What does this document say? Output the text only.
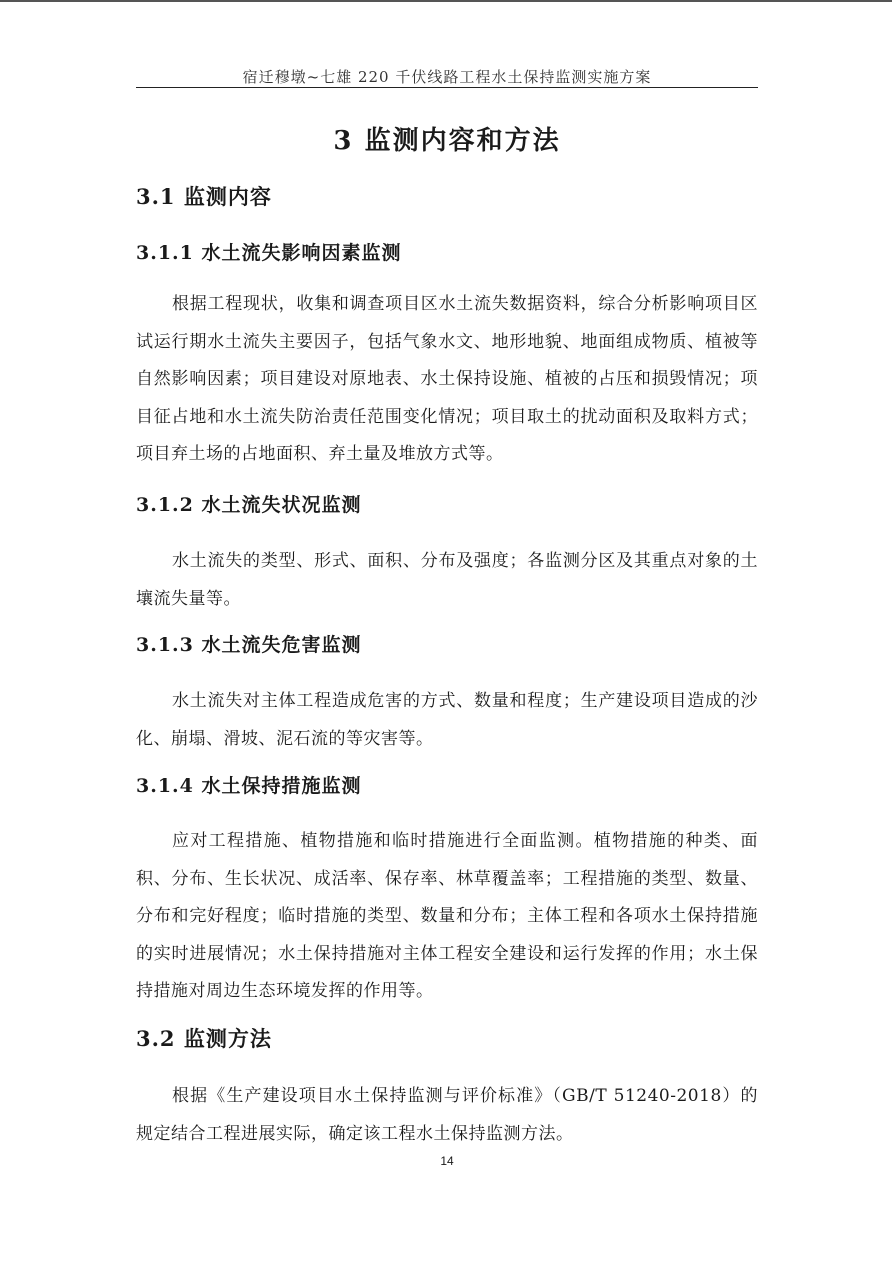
宿迁穆墩~七雄 220 千伏线路工程水土保持监测实施方案
3 监测内容和方法
3.1 监测内容
3.1.1 水土流失影响因素监测
根据工程现状，收集和调查项目区水土流失数据资料，综合分析影响项目区试运行期水土流失主要因子，包括气象水文、地形地貌、地面组成物质、植被等自然影响因素；项目建设对原地表、水土保持设施、植被的占压和损毁情况；项目征占地和水土流失防治责任范围变化情况；项目取土的扰动面积及取料方式；项目弃土场的占地面积、弃土量及堆放方式等。
3.1.2 水土流失状况监测
水土流失的类型、形式、面积、分布及强度；各监测分区及其重点对象的土壤流失量等。
3.1.3 水土流失危害监测
水土流失对主体工程造成危害的方式、数量和程度；生产建设项目造成的沙化、崩塌、滑坡、泥石流的等灾害等。
3.1.4 水土保持措施监测
应对工程措施、植物措施和临时措施进行全面监测。植物措施的种类、面积、分布、生长状况、成活率、保存率、林草覆盖率；工程措施的类型、数量、分布和完好程度；临时措施的类型、数量和分布；主体工程和各项水土保持措施的实时进展情况；水土保持措施对主体工程安全建设和运行发挥的作用；水土保持措施对周边生态环境发挥的作用等。
3.2 监测方法
根据《生产建设项目水土保持监测与评价标准》（GB/T 51240-2018）的规定结合工程进展实际，确定该工程水土保持监测方法。
14
